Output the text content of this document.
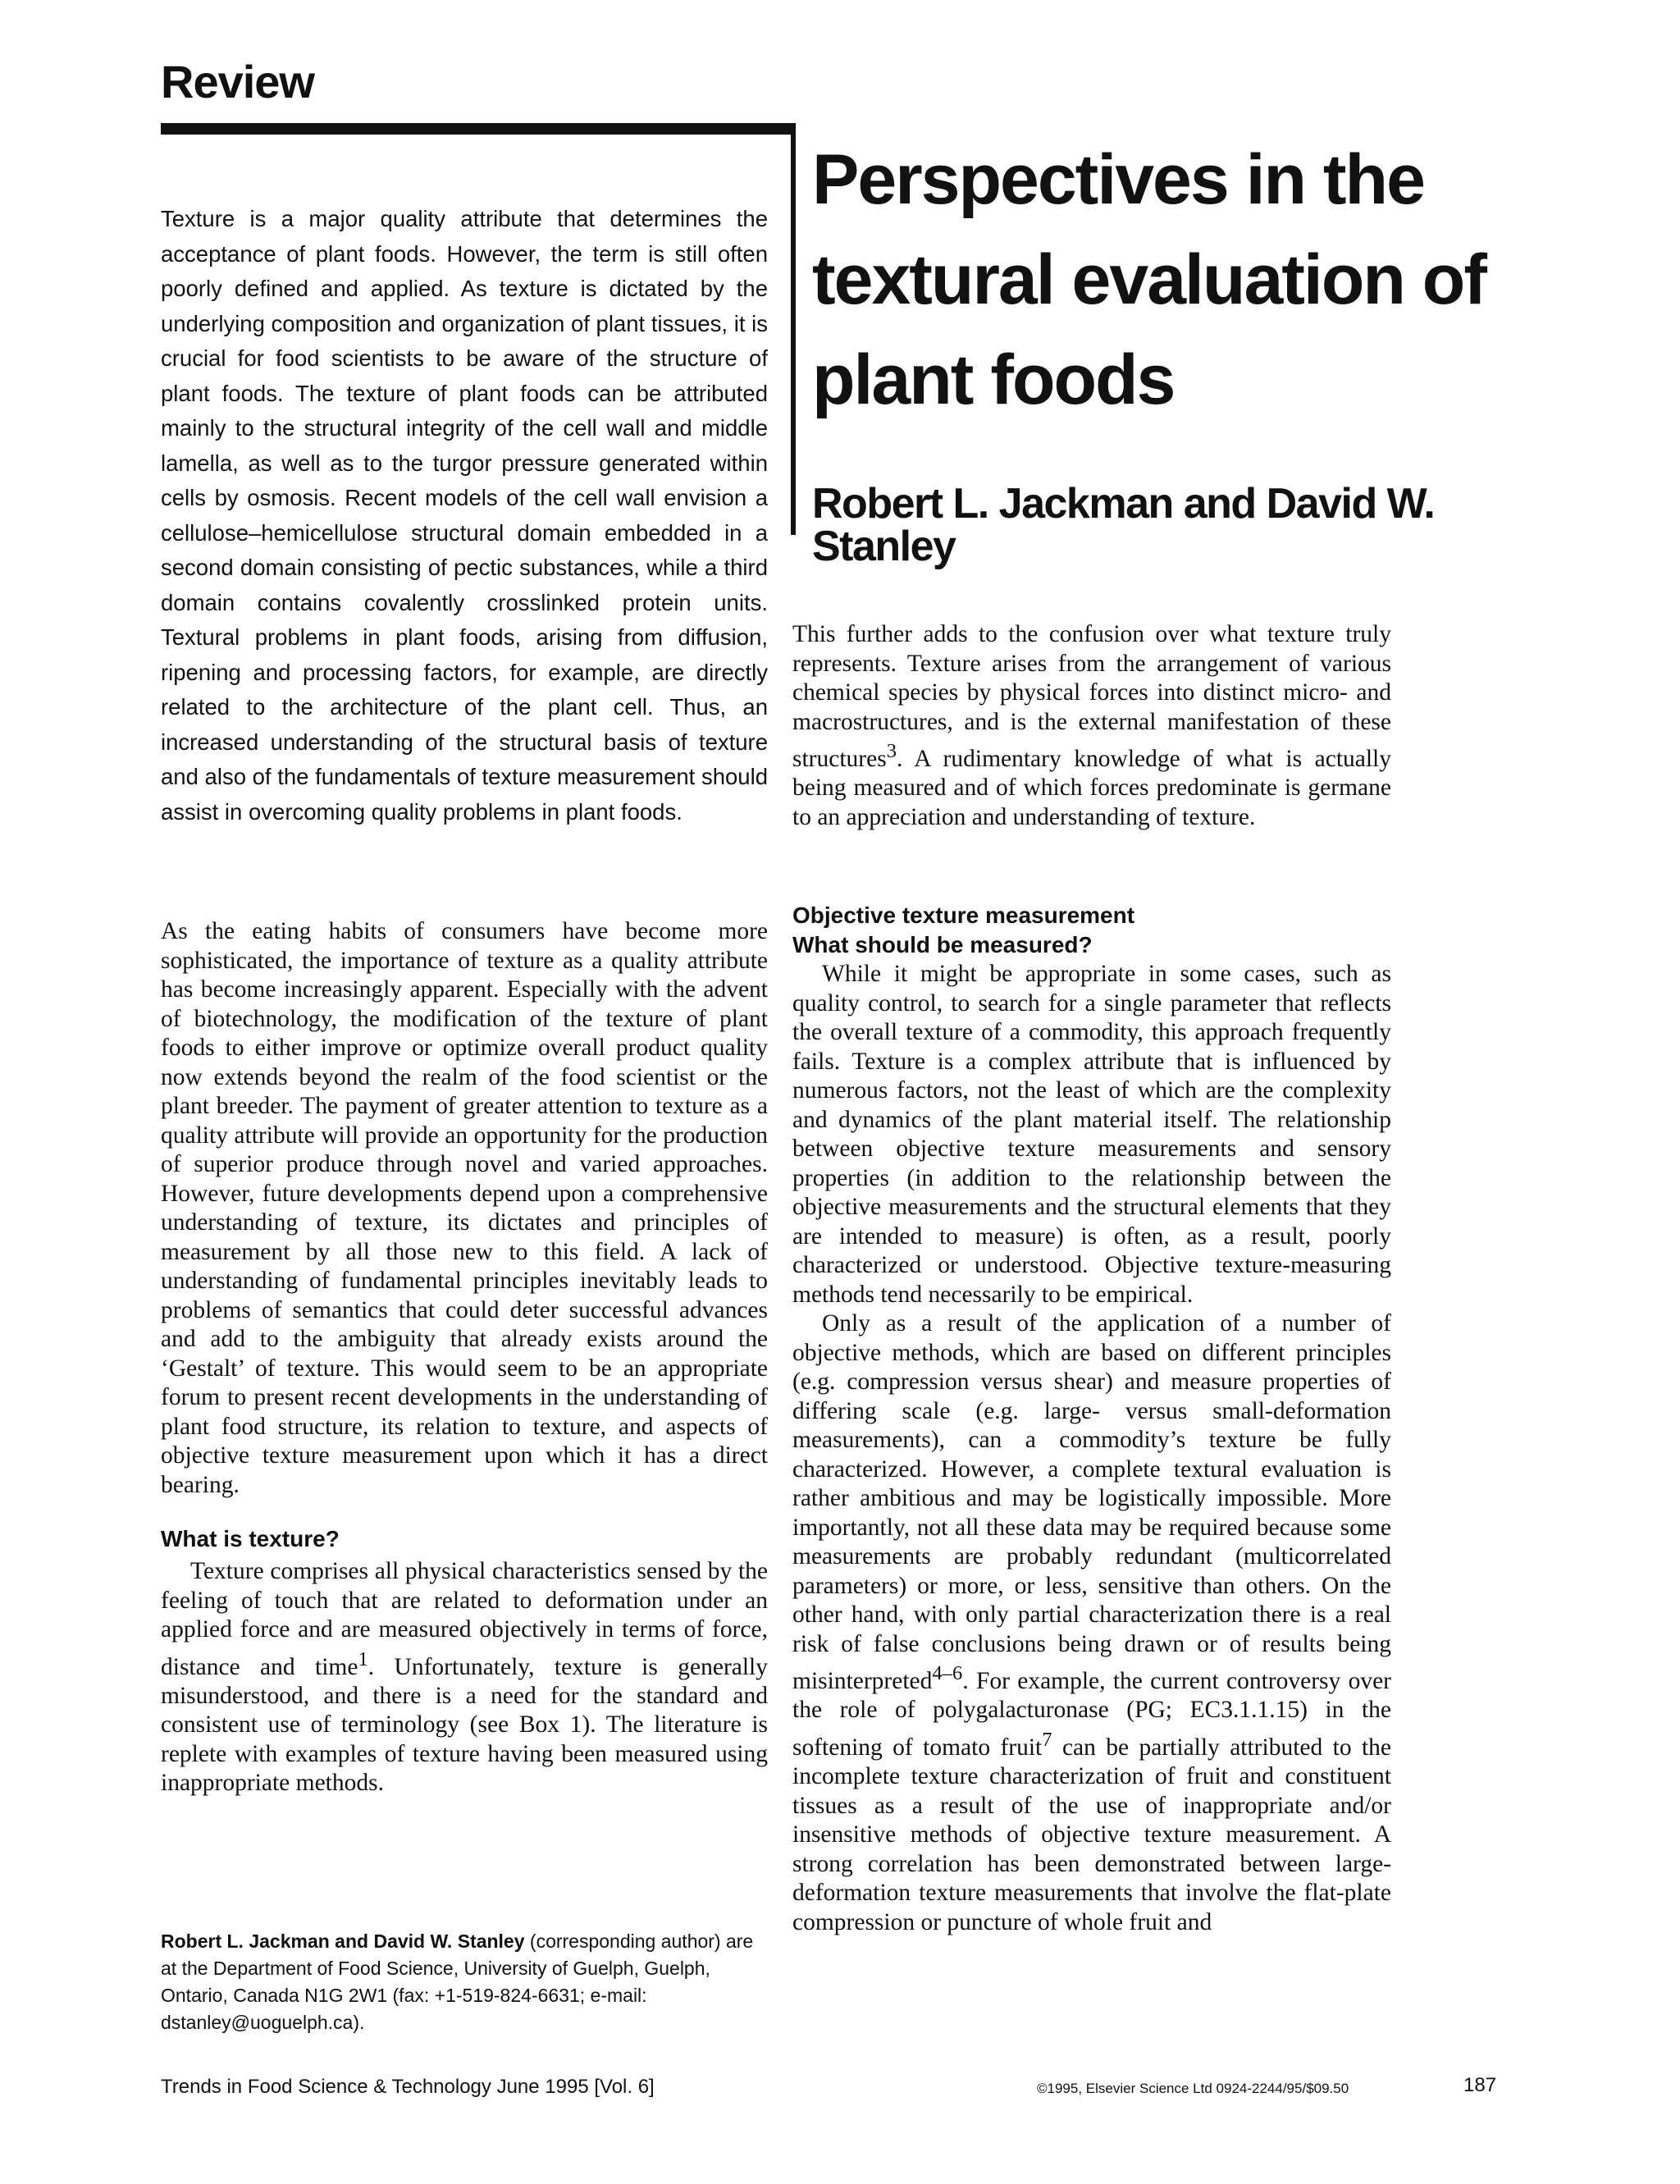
Review

Texture is a major quality attribute that determines the acceptance of plant foods. However, the term is still often poorly defined and applied. As texture is dictated by the underlying composition and organization of plant tissues, it is crucial for food scientists to be aware of the structure of plant foods. The texture of plant foods can be attributed mainly to the structural integrity of the cell wall and middle lamella, as well as to the turgor pressure generated within cells by osmosis. Recent models of the cell wall envision a cellulose–hemicellulose structural domain embedded in a second domain consisting of pectic substances, while a third domain contains covalently crosslinked protein units. Textural problems in plant foods, arising from diffusion, ripening and processing factors, for example, are directly related to the architecture of the plant cell. Thus, an increased understanding of the structural basis of texture and also of the fundamentals of texture measurement should assist in overcoming quality problems in plant foods.

Perspectives in the textural evaluation of plant foods
Robert L. Jackman and David W. Stanley

As the eating habits of consumers have become more sophisticated, the importance of texture as a quality attribute has become increasingly apparent. Especially with the advent of biotechnology, the modification of the texture of plant foods to either improve or optimize overall product quality now extends beyond the realm of the food scientist or the plant breeder. The payment of greater attention to texture as a quality attribute will provide an opportunity for the production of superior produce through novel and varied approaches. However, future developments depend upon a comprehensive understanding of texture, its dictates and principles of measurement by all those new to this field. A lack of understanding of fundamental principles inevitably leads to problems of semantics that could deter successful advances and add to the ambiguity that already exists around the ‘Gestalt’ of texture. This would seem to be an appropriate forum to present recent developments in the understanding of plant food structure, its relation to texture, and aspects of objective texture measurement upon which it has a direct bearing.

What is texture?

Texture comprises all physical characteristics sensed by the feeling of touch that are related to deformation under an applied force and are measured objectively in terms of force, distance and time$^1$. Unfortunately, texture is generally misunderstood, and there is a need for the standard and consistent use of terminology (see Box 1). The literature is replete with examples of texture having been measured using inappropriate methods.

Robert L. Jackman and David W. Stanley (corresponding author) are at the Department of Food Science, University of Guelph, Guelph, Ontario, Canada N1G 2W1 (fax: +1-519-824-6631; e-mail: dstanley@uoguelph.ca).

This further adds to the confusion over what texture truly represents. Texture arises from the arrangement of various chemical species by physical forces into distinct micro- and macrostructures, and is the external manifestation of these structures$^3$. A rudimentary knowledge of what is actually being measured and of which forces predominate is germane to an appreciation and understanding of texture.

Objective texture measurement
What should be measured?

While it might be appropriate in some cases, such as quality control, to search for a single parameter that reflects the overall texture of a commodity, this approach frequently fails. Texture is a complex attribute that is influenced by numerous factors, not the least of which are the complexity and dynamics of the plant material itself. The relationship between objective texture measurements and sensory properties (in addition to the relationship between the objective measurements and the structural elements that they are intended to measure) is often, as a result, poorly characterized or understood. Objective texture-measuring methods tend necessarily to be empirical.

Only as a result of the application of a number of objective methods, which are based on different principles (e.g. compression versus shear) and measure properties of differing scale (e.g. large- versus small-deformation measurements), can a commodity’s texture be fully characterized. However, a complete textural evaluation is rather ambitious and may be logistically impossible. More importantly, not all these data may be required because some measurements are probably redundant (multicorrelated parameters) or more, or less, sensitive than others. On the other hand, with only partial characterization there is a real risk of false conclusions being drawn or of results being misinterpreted$^{4-6}$. For example, the current controversy over the role of polygalacturonase (PG; EC3.1.1.15) in the softening of tomato fruit$^7$ can be partially attributed to the incomplete texture characterization of fruit and constituent tissues as a result of the use of inappropriate and/or insensitive methods of objective texture measurement. A strong correlation has been demonstrated between large-deformation texture measurements that involve the flat-plate compression or puncture of whole fruit and

Trends in Food Science & Technology June 1995 [Vol. 6]	©1995, Elsevier Science Ltd 0924-2244/95/$09.50	187
